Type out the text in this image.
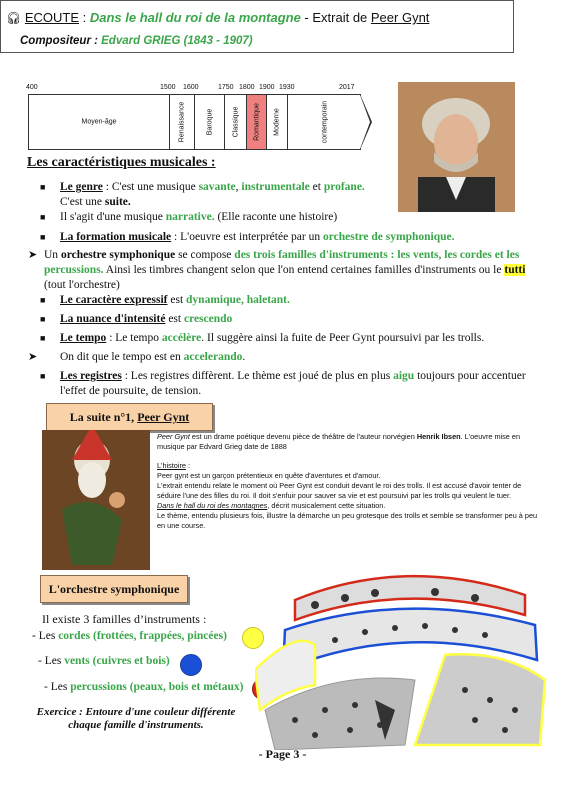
🎧︎ ECOUTE : Dans le hall du roi de la montagne - Extrait de Peer Gynt
Compositeur : Edvard GRIEG (1843 - 1907)
400	1500 1600	1750 1800 1900 1930	2017
Moyen-âge	Renaissance	Baroque	Classique Romantique Moderne	contemporain
Les caractéristiques musicales :
■ Le genre : C'est une musique savante, instrumentale et profane.
C'est une suite.
■ Il s'agit d'une musique narrative. (Elle raconte une histoire)
■ La formation musicale : L'oeuvre est interprétée par un orchestre de symphonique.
➤ Un orchestre symphonique se compose des trois familles d'instruments : les vents, les cordes et les percussions. Ainsi les timbres changent selon que l'on entend certaines familles d'instruments ou le tutti (tout l'orchestre)
■ Le caractère expressif est dynamique, haletant.
■ La nuance d'intensité est crescendo
■ Le tempo : Le tempo accélère. Il suggère ainsi la fuite de Peer Gynt poursuivi par les trolls.
➤ On dit que le tempo est en accelerando.
■ Les registres : Les registres diffèrent. Le thème est joué de plus en plus aigu toujours pour accentuer l'effet de poursuite, de tension.
La suite n°1, Peer Gynt

Peer Gynt est un drame poétique devenu pièce de théâtre de l'auteur norvégien Henrik Ibsen. L'oeuvre mise en musique par Edvard Grieg date de 1888

L'histoire :

Peer gynt est un garçon prétentieux en quête d'aventures et d'amour.

L'extrait entendu relate le moment où Peer Gynt est conduit devant le roi des trolls. Il est accusé d'avoir tenter de séduire l'une des filles du roi. Il doit s'enfuir pour sauver sa vie et est poursuivi par les trolls qui veulent le tuer.

Dans le hall du roi des montagnes, décrit musicalement cette situation.

Le thème, entendu plusieurs fois, illustre la démarche un peu grotesque des trolls et semble se transformer peu à peu en une course.

L'orchestre symphonique
Il existe 3 familles d’instruments :
- Les cordes (frottées, frappées, pincées)
- Les vents (cuivres et bois)
- Les percussions (peaux, bois et métaux)
Exercice : Entoure d'une couleur différente
chaque famille d'instruments.
- Page 3 -
